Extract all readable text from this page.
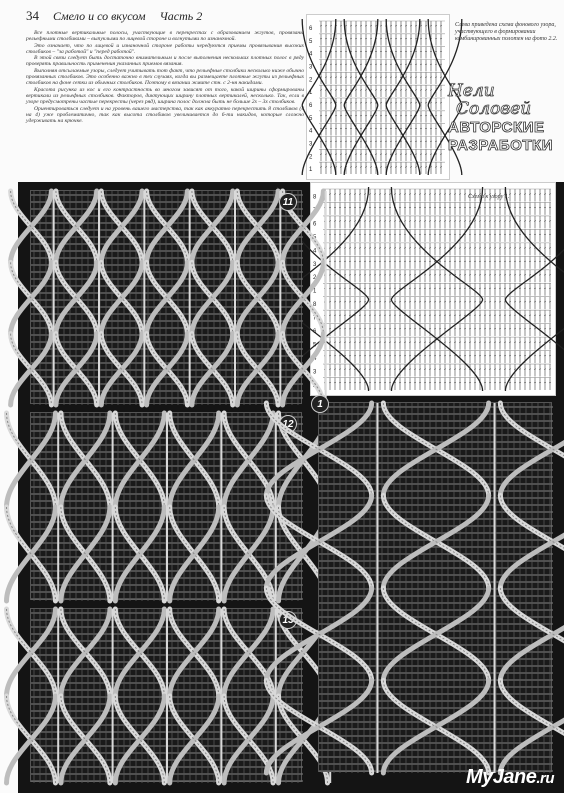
34 Смело и со вкусом Часть 2

Все плотные вертикальные полосы, участвующие в перекрестах с образованием жгутов, провязаны рельефными столбиками – выпуклыми по лицевой стороне и вогнутыми по изнаночной.

Это означает, что по лицевой и изнаночной стороне работы чередуются приемы провязывания высоких столбиков – "за работой" и "перед работой".

В этой связи следует быть достаточно внимательным и после выполнения нескольких плотных полос в ряду проверять правильность применения указанных приемов вязания.

Выполняя отсылаемые узоры, следует учитывать тот факт, что рельефные столбики несколько ниже обычно провязанных столбиков. Это особенно важно в тех случаях, когда вы размещаете плотные жгуты из рельефных столбиков на фоне сетки из обычных столбиков. Поэтому в вязании жмите стн. с 2-ня накидами.

Красота рисунка из кос и его контрастность во многом зависят от того, какой ширины сформированы вертикали из рельефных столбиков. Факторов, диктующих ширину плотных вертикалей, несколько. Так, если в узоре предусмотрены частые перекресты (через ряд), ширина полос должна быть не больше 2х – 3х столбиков.

Ориентироваться следует и на уровень вашего мастерства, так как аккуратно перекрестить 8 столбиков (4 на 4) уже проблематично, так как высота столбиков увеличивается до 6-ти накидов, которые сложно удерживать на крючке.

6
5
4
3
2
1
6
5
4
3
2
1
Слева приведена схема фонового узора, участвующего в формировании комбинированных полотен на фото 2.2.
Нели
Соловей
АВТОРСКИЕ
РАЗРАБОТКИ
8
7
6
5
4
3
2
1
8
7
6
5
4
3
2
Схема к узору 1.
11
12
13
1
MyJane.ru
